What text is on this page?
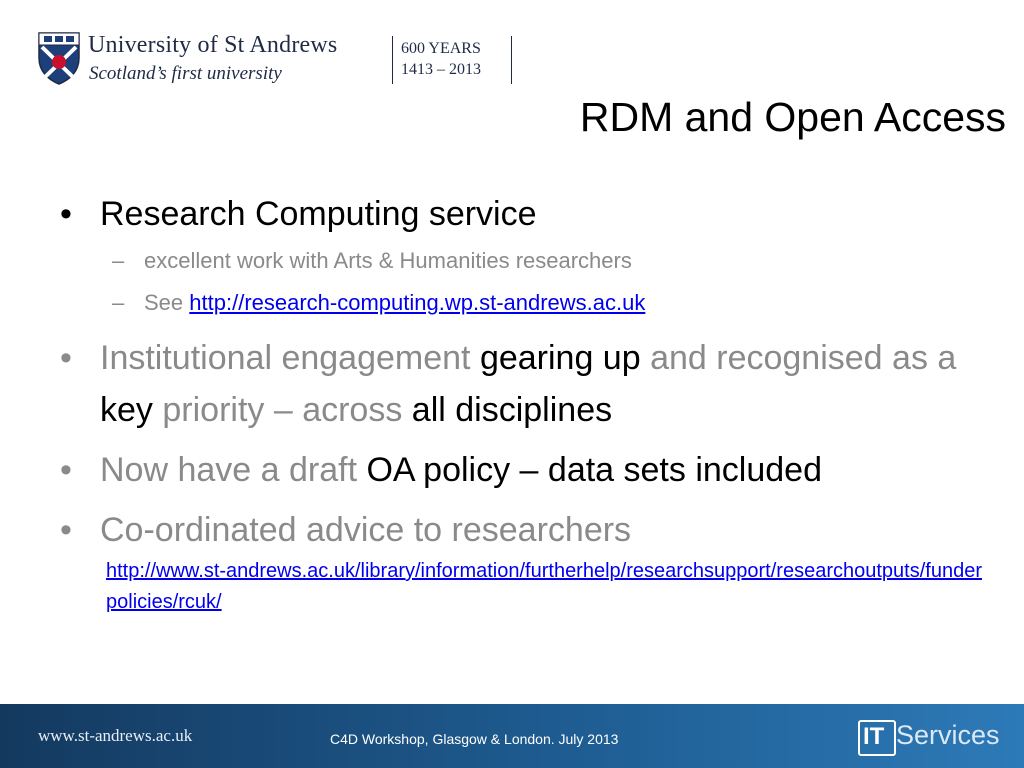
University of St Andrews
Scotland’s first university
600 YEARS
1413 – 2013
RDM and Open Access
• Research Computing service
– excellent work with Arts & Humanities researchers
– See http://research-computing.wp.st-andrews.ac.uk
• Institutional engagement gearing up and recognised as a key priority – across all disciplines
• Now have a draft OA policy – data sets included
• Co-ordinated advice to researchers
http://www.st-andrews.ac.uk/library/information/furtherhelp/researchsupport/researchoutputs/funderpolicies/rcuk/
www.st-andrews.ac.uk	C4D Workshop, Glasgow & London. July 2013	IT Services
